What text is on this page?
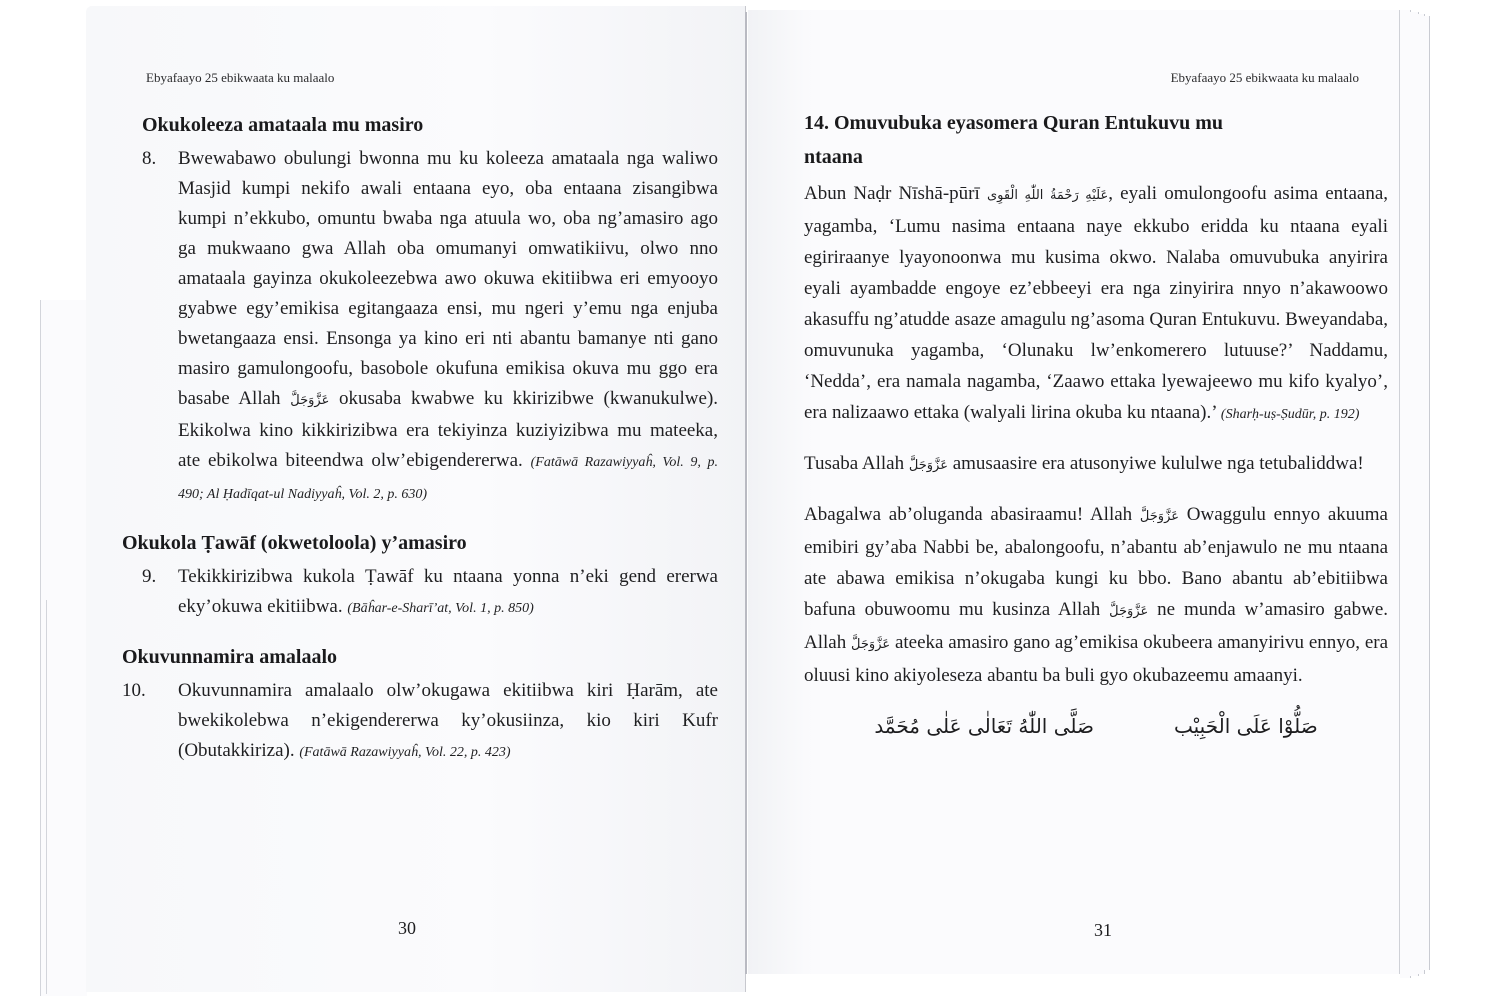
Ebyafaayo 25 ebikwaata ku malaalo
Okukoleeza amataala mu masiro
8.	Bwewabawo obulungi bwonna mu ku koleeza amataala nga waliwo Masjid kumpi nekifo awali entaana eyo, oba entaana zisangibwa kumpi n’ekkubo, omuntu bwaba nga atuula wo, oba ng’amasiro ago ga mukwaano gwa Allah oba omumanyi omwatikiivu, olwo nno amataala gayinza okukoleezebwa awo okuwa ekitiibwa eri emyooyo gyabwe egy’emikisa egitangaaza ensi, mu ngeri y’emu nga enjuba bwetangaaza ensi. Ensonga ya kino eri nti abantu bamanye nti gano masiro gamulongoofu, basobole okufuna emikisa okuva mu ggo era basabe Allah عَزَّوَجَلَّ okusaba kwabwe ku kkirizibwe (kwanukulwe). Ekikolwa kino kikkirizibwa era tekiyinza kuziyizibwa mu mateeka, ate ebikolwa biteendwa olw’ebigendererwa. (Fatāwā Razawiyyaĥ, Vol. 9, p. 490; Al Ḥadīqat-ul Nadiyyaĥ, Vol. 2, p. 630)
Okukola Ṭawāf (okwetoloola) y’amasiro
9.	Tekikkirizibwa kukola Ṭawāf ku ntaana yonna n’eki gend ererwa eky’okuwa ekitiibwa. (Bāĥar-e-Sharī’at, Vol. 1, p. 850)
Okuvunnamira amalaalo
10.	Okuvunnamira amalaalo olw’okugawa ekitiibwa kiri Ḥarām, ate bwekikolebwa n’ekigendererwa ky’okusiinza, kio kiri Kufr (Obutakkiriza). (Fatāwā Razawiyyaĥ, Vol. 22, p. 423)
30
Ebyafaayo 25 ebikwaata ku malaalo
14. Omuvubuka eyasomera Quran Entukuvu mu ntaana
Abun Naḍr Nīshā-pūrī عَلَيْهِ رَحْمَةُ اللّٰهِ الْقَوِی, eyali omulongoofu asima entaana, yagamba, ‘Lumu nasima entaana naye ekkubo eridda ku ntaana eyali egiriraanye lyayonoonwa mu kusima okwo. Nalaba omuvubuka anyirira eyali ayambadde engoye ez’ebbeeyi era nga zinyirira nnyo n’akawoowo akasuffu ng’atudde asaze amagulu ng’asoma Quran Entukuvu. Bweyandaba, omuvunuka yagamba, ‘Olunaku lw’enkomerero lutuuse?’ Naddamu, ‘Nedda’, era namala nagamba, ‘Zaawo ettaka lyewajeewo mu kifo kyalyo’, era nalizaawo ettaka (walyali lirina okuba ku ntaana).’ (Sharḥ-uṣ-Ṣudūr, p. 192)
Tusaba Allah عَزَّوَجَلَّ amusaasire era atusonyiwe kululwe nga tetubaliddwa!
Abagalwa ab’oluganda abasiraamu! Allah عَزَّوَجَلَّ Owaggulu ennyo akuuma emibiri gy’aba Nabbi be, abalongoofu, n’abantu ab’enjawulo ne mu ntaana ate abawa emikisa n’okugaba kungi ku bbo. Bano abantu ab’ebitiibwa bafuna obuwoomu mu kusinza Allah عَزَّوَجَلَّ ne munda w’amasiro gabwe. Allah عَزَّوَجَلَّ ateeka amasiro gano ag’emikisa okubeera amanyirivu ennyo, era oluusi kino akiyoleseza abantu ba buli gyo okubazeemu amaanyi.
صَلُّوْا عَلَى الْحَبِيْب
صَلَّى اللّٰهُ تَعَالٰى عَلٰى مُحَمَّد
31
